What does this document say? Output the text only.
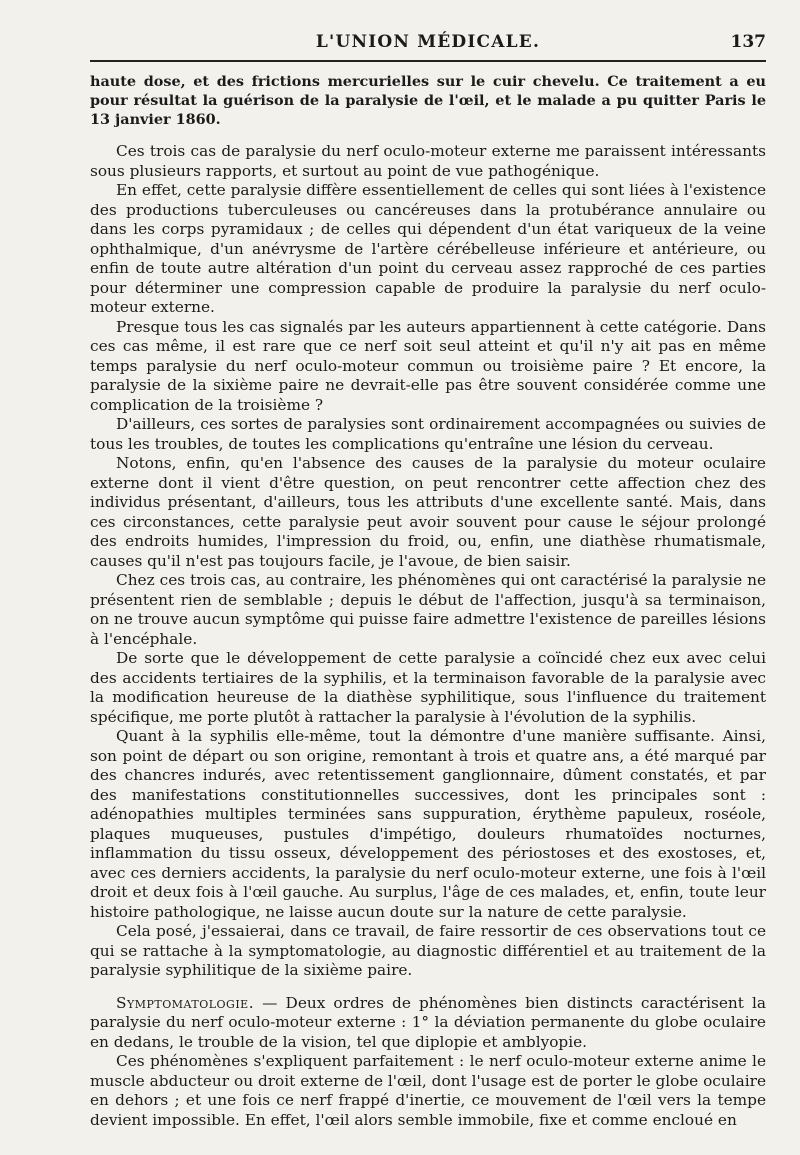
L'UNION MÉDICALE.	137

haute dose, et des frictions mercurielles sur le cuir chevelu. Ce traitement a eu pour résultat la guérison de la paralysie de l'œil, et le malade a pu quitter Paris le 13 janvier 1860.

Ces trois cas de paralysie du nerf oculo-moteur externe me paraissent intéressants sous plusieurs rapports, et surtout au point de vue pathogénique.

En effet, cette paralysie diffère essentiellement de celles qui sont liées à l'existence des productions tuberculeuses ou cancéreuses dans la protubérance annulaire ou dans les corps pyramidaux ; de celles qui dépendent d'un état variqueux de la veine ophthalmique, d'un anévrysme de l'artère cérébelleuse inférieure et antérieure, ou enfin de toute autre altération d'un point du cerveau assez rapproché de ces parties pour déterminer une compression capable de produire la paralysie du nerf oculo-moteur externe.

Presque tous les cas signalés par les auteurs appartiennent à cette catégorie. Dans ces cas même, il est rare que ce nerf soit seul atteint et qu'il n'y ait pas en même temps paralysie du nerf oculo-moteur commun ou troisième paire ? Et encore, la paralysie de la sixième paire ne devrait-elle pas être souvent considérée comme une complication de la troisième ?

D'ailleurs, ces sortes de paralysies sont ordinairement accompagnées ou suivies de tous les troubles, de toutes les complications qu'entraîne une lésion du cerveau.

Notons, enfin, qu'en l'absence des causes de la paralysie du moteur oculaire externe dont il vient d'être question, on peut rencontrer cette affection chez des individus présentant, d'ailleurs, tous les attributs d'une excellente santé. Mais, dans ces circonstances, cette paralysie peut avoir souvent pour cause le séjour prolongé des endroits humides, l'impression du froid, ou, enfin, une diathèse rhumatismale, causes qu'il n'est pas toujours facile, je l'avoue, de bien saisir.

Chez ces trois cas, au contraire, les phénomènes qui ont caractérisé la paralysie ne présentent rien de semblable ; depuis le début de l'affection, jusqu'à sa terminaison, on ne trouve aucun symptôme qui puisse faire admettre l'existence de pareilles lésions à l'encéphale.

De sorte que le développement de cette paralysie a coïncidé chez eux avec celui des accidents tertiaires de la syphilis, et la terminaison favorable de la paralysie avec la modification heureuse de la diathèse syphilitique, sous l'influence du traitement spécifique, me porte plutôt à rattacher la paralysie à l'évolution de la syphilis.

Quant à la syphilis elle-même, tout la démontre d'une manière suffisante. Ainsi, son point de départ ou son origine, remontant à trois et quatre ans, a été marqué par des chancres indurés, avec retentissement ganglionnaire, dûment constatés, et par des manifestations constitutionnelles successives, dont les principales sont : adénopathies multiples terminées sans suppuration, érythème papuleux, roséole, plaques muqueuses, pustules d'impétigo, douleurs rhumatoïdes nocturnes, inflammation du tissu osseux, développement des périostoses et des exostoses, et, avec ces derniers accidents, la paralysie du nerf oculo-moteur externe, une fois à l'œil droit et deux fois à l'œil gauche. Au surplus, l'âge de ces malades, et, enfin, toute leur histoire pathologique, ne laisse aucun doute sur la nature de cette paralysie.

Cela posé, j'essaierai, dans ce travail, de faire ressortir de ces observations tout ce qui se rattache à la symptomatologie, au diagnostic différentiel et au traitement de la paralysie syphilitique de la sixième paire.

Symptomatologie. — Deux ordres de phénomènes bien distincts caractérisent la paralysie du nerf oculo-moteur externe : 1° la déviation permanente du globe oculaire en dedans, le trouble de la vision, tel que diplopie et amblyopie.

Ces phénomènes s'expliquent parfaitement : le nerf oculo-moteur externe anime le muscle abducteur ou droit externe de l'œil, dont l'usage est de porter le globe oculaire en dehors ; et une fois ce nerf frappé d'inertie, ce mouvement de l'œil vers la tempe devient impossible. En effet, l'œil alors semble immobile, fixe et comme encloué en
